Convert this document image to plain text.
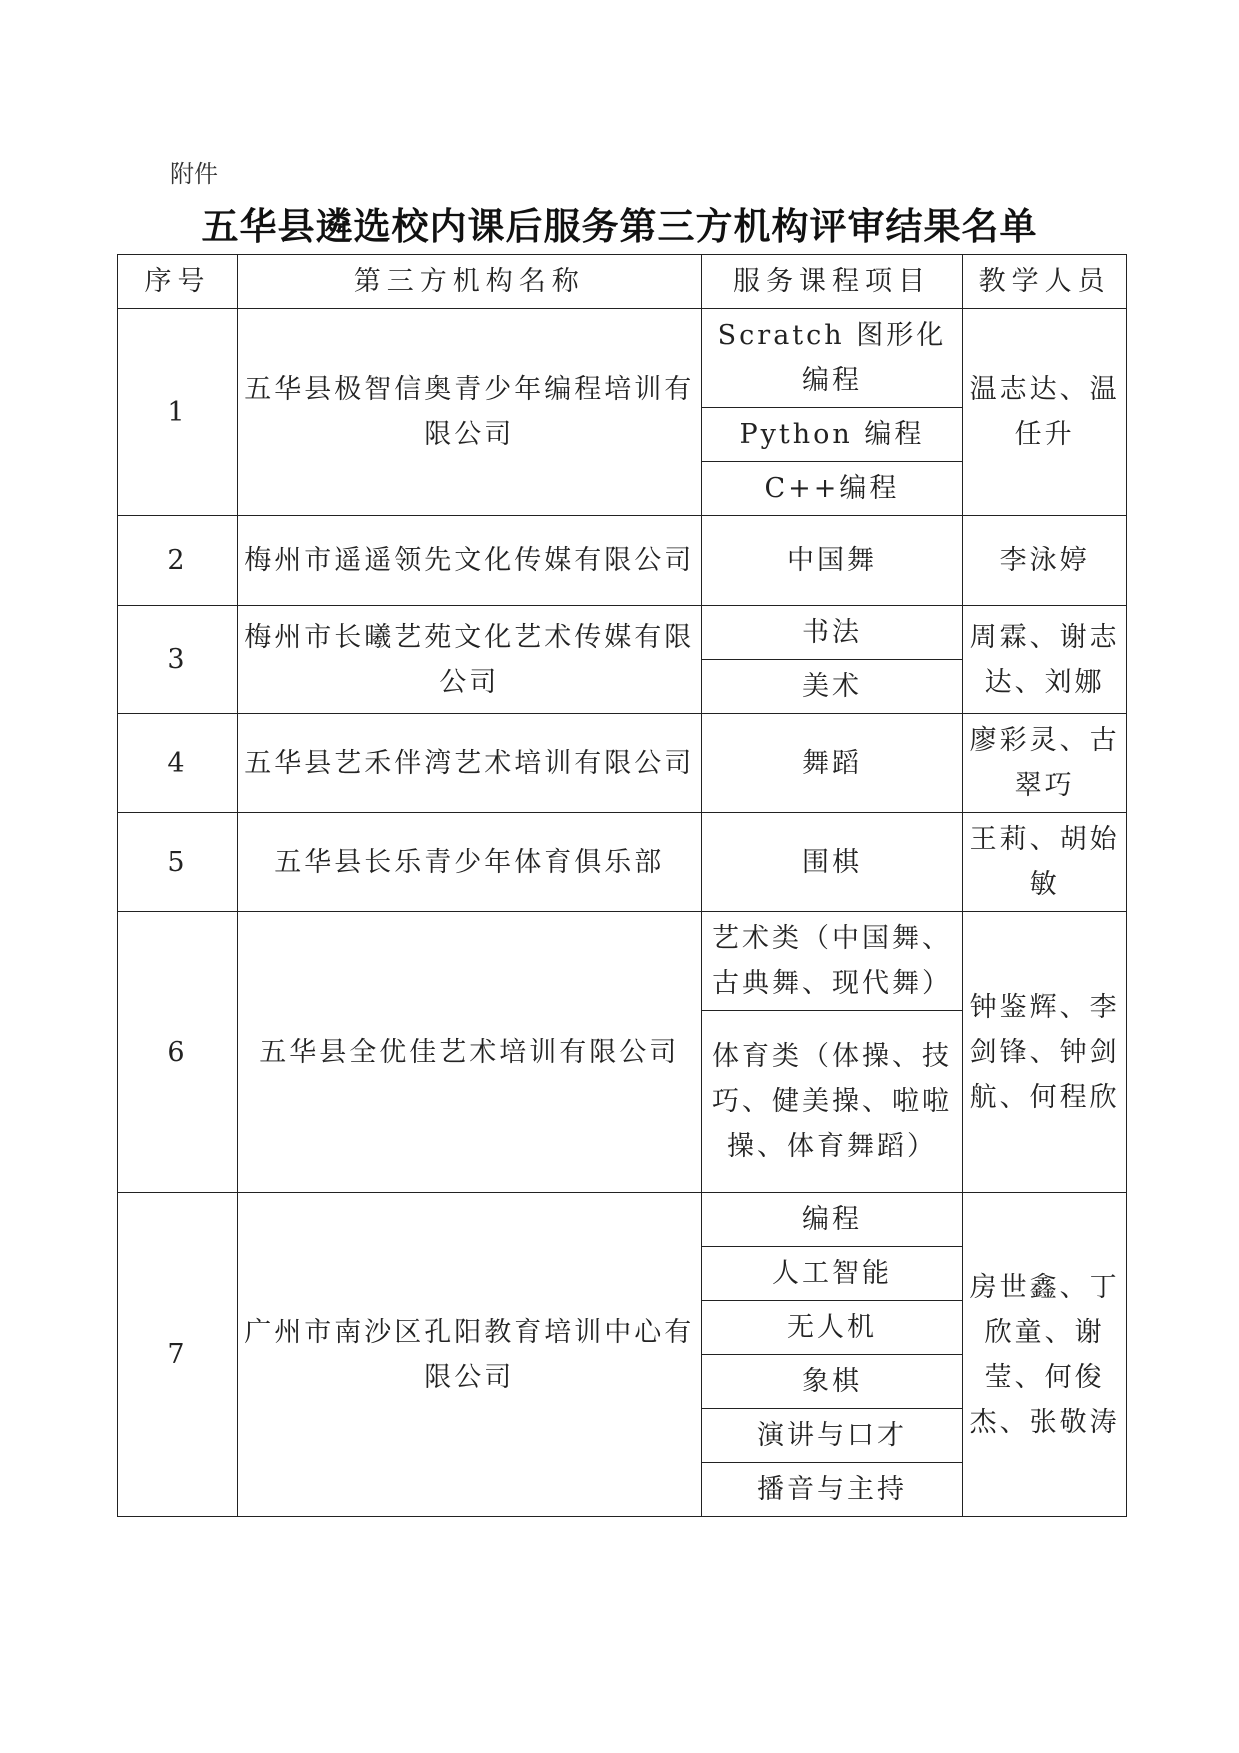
附件
五华县遴选校内课后服务第三方机构评审结果名单
序号	第三方机构名称	服务课程项目	教学人员
1	五华县极智信奥青少年编程培训有限公司	Scratch 图形化编程	温志达、温任升
		Python 编程	
		C++编程	
2	梅州市遥遥领先文化传媒有限公司	中国舞	李泳婷
3	梅州市长曦艺苑文化艺术传媒有限公司	书法	周霖、谢志达、刘娜
		美术	
4	五华县艺禾伴湾艺术培训有限公司	舞蹈	廖彩灵、古翠巧
5	五华县长乐青少年体育俱乐部	围棋	王莉、胡始敏
6	五华县全优佳艺术培训有限公司	艺术类（中国舞、古典舞、现代舞）	钟鉴辉、李剑锋、钟剑航、何程欣
		体育类（体操、技巧、健美操、啦啦操、体育舞蹈）	
7	广州市南沙区孔阳教育培训中心有限公司	编程	房世鑫、丁欣童、谢莹、何俊杰、张敬涛
		人工智能	
		无人机	
		象棋	
		演讲与口才	
		播音与主持	
